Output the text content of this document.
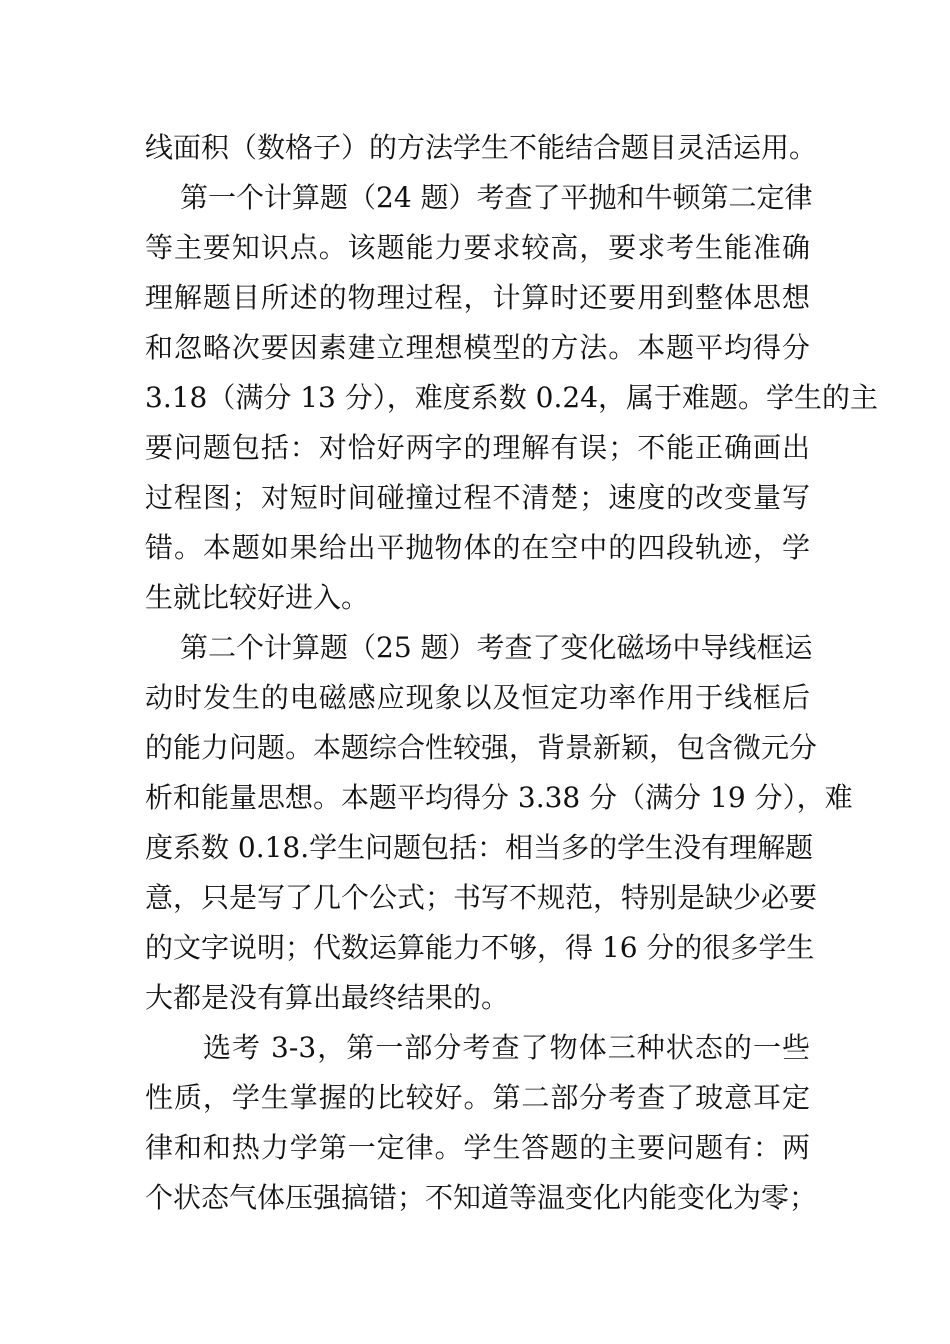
线面积（数格子）的方法学生不能结合题目灵活运用。

第一个计算题（24 题）考查了平抛和牛顿第二定律

等主要知识点。该题能力要求较高，要求考生能准确

理解题目所述的物理过程，计算时还要用到整体思想

和忽略次要因素建立理想模型的方法。本题平均得分

3.18（满分 13 分），难度系数 0.24，属于难题。学生的主

要问题包括：对恰好两字的理解有误；不能正确画出

过程图；对短时间碰撞过程不清楚；速度的改变量写

错。本题如果给出平抛物体的在空中的四段轨迹，学

生就比较好进入。

第二个计算题（25 题）考查了变化磁场中导线框运

动时发生的电磁感应现象以及恒定功率作用于线框后

的能力问题。本题综合性较强，背景新颖，包含微元分

析和能量思想。本题平均得分 3.38 分（满分 19 分），难

度系数 0.18.学生问题包括：相当多的学生没有理解题

意，只是写了几个公式；书写不规范，特别是缺少必要

的文字说明；代数运算能力不够，得 16 分的很多学生

大都是没有算出最终结果的。

选考 3-3，第一部分考查了物体三种状态的一些

性质，学生掌握的比较好。第二部分考查了玻意耳定

律和和热力学第一定律。学生答题的主要问题有：两

个状态气体压强搞错；不知道等温变化内能变化为零；
